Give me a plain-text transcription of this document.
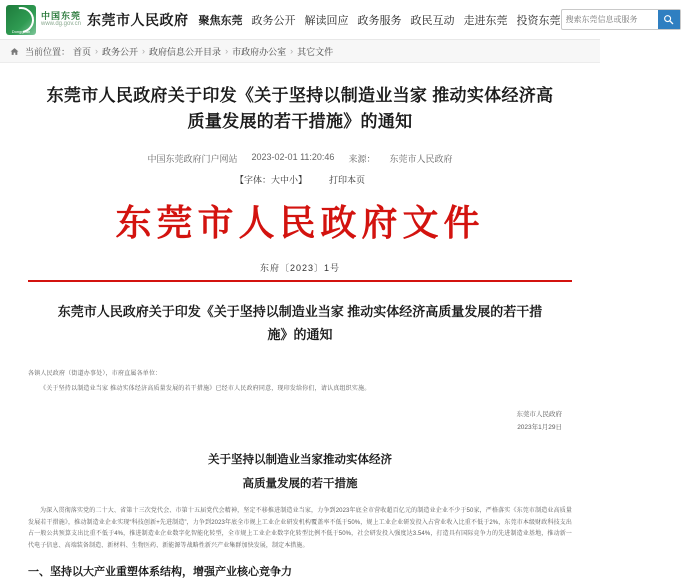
Dongguan
中国东莞
www.dg.gov.cn 东莞市人民政府 聚焦东莞 政务公开 解读回应 政务服务 政民互动 走进东莞 投资东莞
搜索东莞信息或服务
当前位置： 首页 › 政务公开 › 政府信息公开目录 › 市政府办公室 › 其它文件
东莞市人民政府关于印发《关于坚持以制造业当家 推动实体经济高质量发展的若干措施》的通知
中国东莞政府门户网站 2023-02-01 11:20:46 来源： 东莞市人民政府
【字体：大中小】 打印本页
东莞市人民政府文件
东府〔2023〕1号
东莞市人民政府关于印发《关于坚持以制造业当家 推动实体经济高质量发展的若干措施》的通知

各镇人民政府（街道办事处），市府直属各单位：

《关于坚持以制造业当家 推动实体经济高质量发展的若干措施》已经市人民政府同意，现印发给你们，请认真组织实施。

东莞市人民政府
2023年1月29日
关于坚持以制造业当家推动实体经济
高质量发展的若干措施

为深入贯彻落实党的二十大、省第十三次党代会、市第十五届党代会精神，坚定不移推进制造业当家，力争到2023年底全市营收超百亿元的制造业企业不少于50家，严格落实《东莞市制造业高质量发展若干措施》，推动制造业企业实现“科技创新+先进制造”，力争到2023年底全市规上工业企业研发机构覆盖率不低于50%，规上工业企业研发投入占营业收入比重不低于2%，东莞市本级财政科技支出占一般公共预算支出比重不低于4%，推进制造业企业数字化智能化转型，全市规上工业企业数字化转型比例不低于50%，社会研发投入强度达3.54%，打造具有国际竞争力的先进制造业基地，推动新一代电子信息、高端装备制造、新材料、生物医药、新能源等战略性新兴产业集群加快发展，制定本措施。

一、坚持以大产业重塑体系结构，增强产业核心竞争力
